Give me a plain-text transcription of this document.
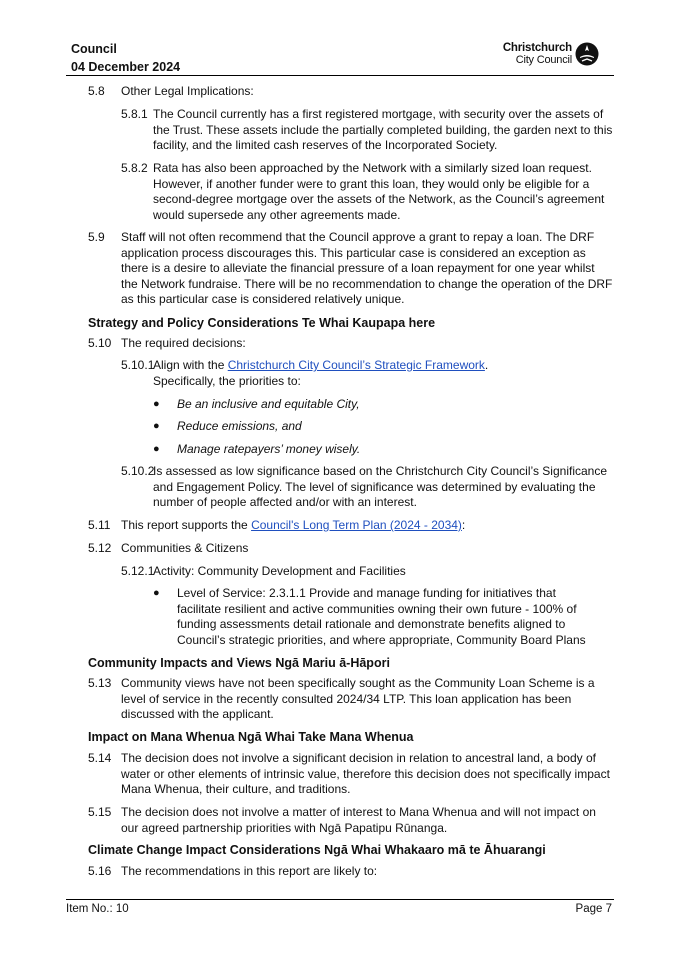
Council
04 December 2024
Christchurch
City Council
5.8 Other Legal Implications:
5.8.1 The Council currently has a first registered mortgage, with security over the assets of the Trust. These assets include the partially completed building, the garden next to this facility, and the limited cash reserves of the Incorporated Society.
5.8.2 Rata has also been approached by the Network with a similarly sized loan request. However, if another funder were to grant this loan, they would only be eligible for a second-degree mortgage over the assets of the Network, as the Council’s agreement would supersede any other agreements made.
5.9 Staff will not often recommend that the Council approve a grant to repay a loan. The DRF application process discourages this. This particular case is considered an exception as there is a desire to alleviate the financial pressure of a loan repayment for one year whilst the Network fundraise. There will be no recommendation to change the operation of the DRF as this particular case is considered relatively unique.
Strategy and Policy Considerations Te Whai Kaupapa here
5.10 The required decisions:
5.10.1
Align with the Christchurch City Council’s Strategic Framework.
Specifically, the priorities to:
● Be an inclusive and equitable City,
● Reduce emissions, and
● Manage ratepayers’ money wisely.
5.10.2
Is assessed as low significance based on the Christchurch City Council’s Significance and Engagement Policy. The level of significance was determined by evaluating the number of people affected and/or with an interest.
5.11 This report supports the Council's Long Term Plan (2024 - 2034):
5.12 Communities & Citizens
5.12.1
Activity: Community Development and Facilities
● Level of Service: 2.3.1.1 Provide and manage funding for initiatives that facilitate resilient and active communities owning their own future - 100% of funding assessments detail rationale and demonstrate benefits aligned to Council’s strategic priorities, and where appropriate, Community Board Plans
Community Impacts and Views Ngā Mariu ā-Hāpori
5.13 Community views have not been specifically sought as the Community Loan Scheme is a level of service in the recently consulted 2024/34 LTP. This loan application has been discussed with the applicant.
Impact on Mana Whenua Ngā Whai Take Mana Whenua
5.14 The decision does not involve a significant decision in relation to ancestral land, a body of water or other elements of intrinsic value, therefore this decision does not specifically impact Mana Whenua, their culture, and traditions.
5.15 The decision does not involve a matter of interest to Mana Whenua and will not impact on our agreed partnership priorities with Ngā Papatipu Rūnanga.
Climate Change Impact Considerations Ngā Whai Whakaaro mā te Āhuarangi
5.16 The recommendations in this report are likely to:
Item No.: 10	Page 7
